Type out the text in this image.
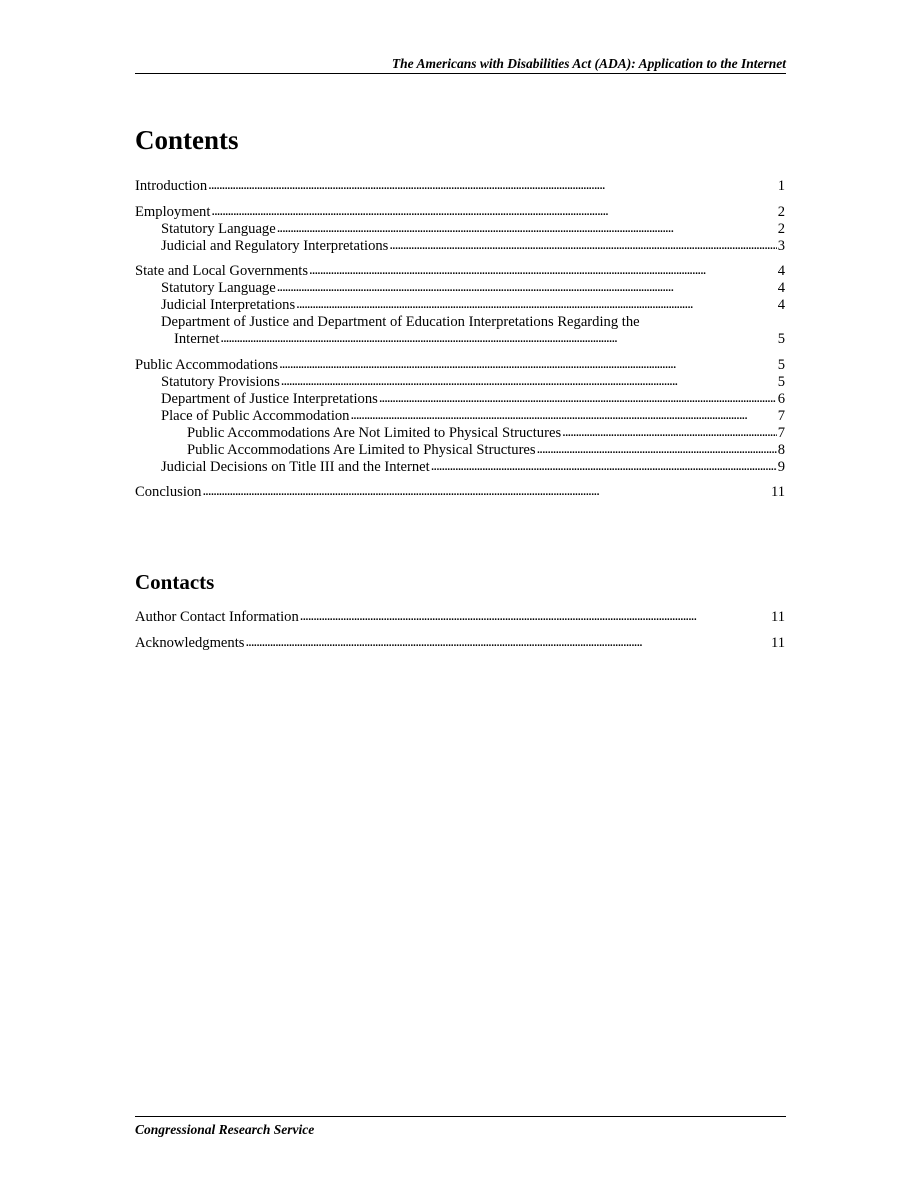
The Americans with Disabilities Act (ADA): Application to the Internet
Contents
Introduction . . .	1
Employment . . .	2
Statutory Language . . .	2
Judicial and Regulatory Interpretations . . .	3
State and Local Governments . . .	4
Statutory Language . . .	4
Judicial Interpretations . . .	4
Department of Justice and Department of Education Interpretations Regarding the
Internet . . .	5
Public Accommodations . . .	5
Statutory Provisions . . .	5
Department of Justice Interpretations . . .	6
Place of Public Accommodation . . .	7
Public Accommodations Are Not Limited to Physical Structures . . .	7
Public Accommodations Are Limited to Physical Structures . . .	8
Judicial Decisions on Title III and the Internet . . .	9
Conclusion . . .	11
Contacts
Author Contact Information . . .	11
Acknowledgments . . .	11
Congressional Research Service
